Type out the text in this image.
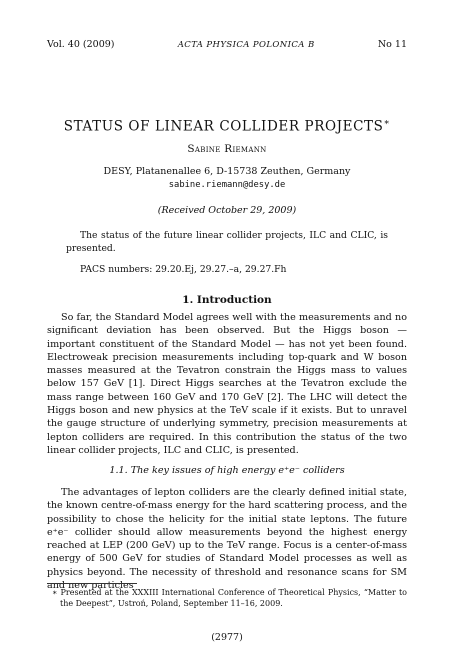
Vol. 40 (2009)	ACTA PHYSICA POLONICA B	No 11
STATUS OF LINEAR COLLIDER PROJECTS∗
Sabine Riemann
DESY, Platanenallee 6, D-15738 Zeuthen, Germany
sabine.riemann@desy.de
(Received October 29, 2009)

The status of the future linear collider projects, ILC and CLIC, is presented.

PACS numbers: 29.20.Ej, 29.27.–a, 29.27.Fh
1. Introduction

So far, the Standard Model agrees well with the measurements and no significant deviation has been observed. But the Higgs boson — important constituent of the Standard Model — has not yet been found. Electroweak precision measurements including top-quark and W boson masses measured at the Tevatron constrain the Higgs mass to values below 157 GeV [1]. Direct Higgs searches at the Tevatron exclude the mass range between 160 GeV and 170 GeV [2]. The LHC will detect the Higgs boson and new physics at the TeV scale if it exists. But to unravel the gauge structure of underlying symmetry, precision measurements at lepton colliders are required. In this contribution the status of the two linear collider projects, ILC and CLIC, is presented.

1.1. The key issues of high energy e⁺e⁻ colliders

The advantages of lepton colliders are the clearly defined initial state, the known centre-of-mass energy for the hard scattering process, and the possibility to chose the helicity for the initial state leptons. The future e⁺e⁻ collider should allow measurements beyond the highest energy reached at LEP (200 GeV) up to the TeV range. Focus is a center-of-mass energy of 500 GeV for studies of Standard Model processes as well as physics beyond. The necessity of threshold and resonance scans for SM and new particles

∗ Presented at the XXXIII International Conference of Theoretical Physics, “Matter to the Deepest”, Ustroń, Poland, September 11–16, 2009.
(2977)
